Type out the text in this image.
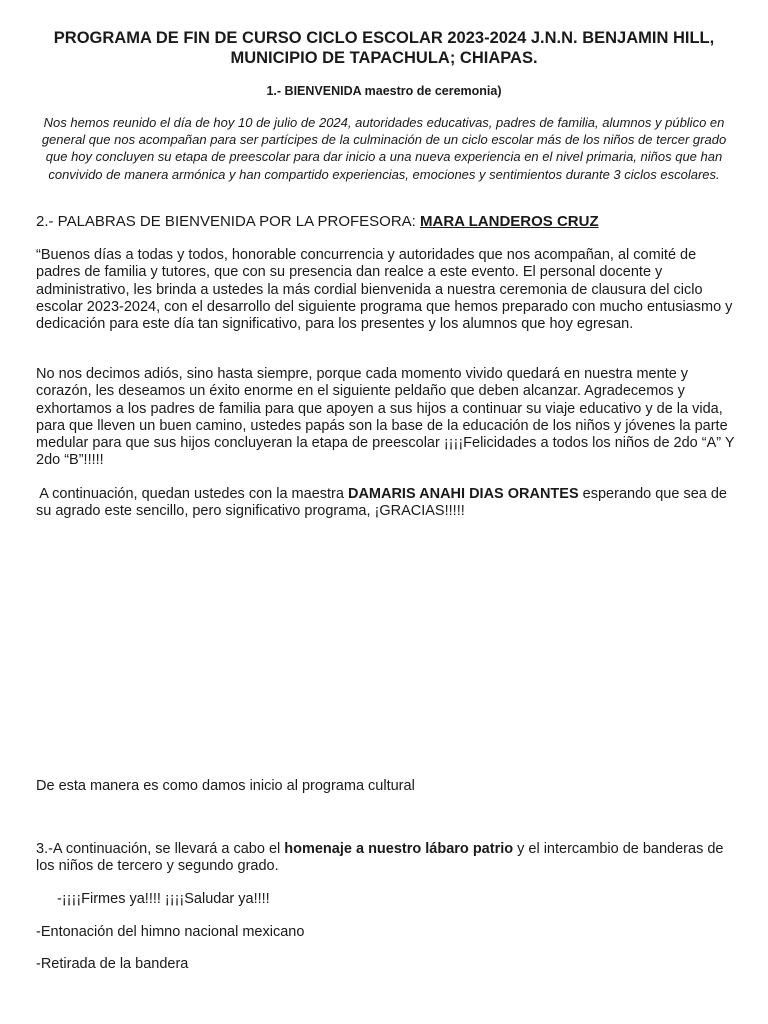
PROGRAMA DE FIN DE CURSO CICLO ESCOLAR 2023-2024 J.N.N. BENJAMIN HILL, MUNICIPIO DE TAPACHULA; CHIAPAS.
1.- BIENVENIDA maestro de ceremonia)
Nos hemos reunido el día de hoy 10 de julio de 2024, autoridades educativas, padres de familia, alumnos y público en general que nos acompañan para ser partícipes de la culminación de un ciclo escolar más de los niños de tercer grado que hoy concluyen su etapa de preescolar para dar inicio a una nueva experiencia en el nivel primaria, niños que han convivido de manera armónica y han compartido experiencias, emociones y sentimientos durante 3 ciclos escolares.
2.- PALABRAS DE BIENVENIDA POR LA PROFESORA: MARA LANDEROS CRUZ
“Buenos días a todas y todos, honorable concurrencia y autoridades que nos acompañan, al comité de padres de familia y tutores, que con su presencia dan realce a este evento. El personal docente y administrativo, les brinda a ustedes la más cordial bienvenida a nuestra ceremonia de clausura del ciclo escolar 2023-2024, con el desarrollo del siguiente programa que hemos preparado con mucho entusiasmo y dedicación para este día tan significativo, para los presentes y los alumnos que hoy egresan.
No nos decimos adiós, sino hasta siempre, porque cada momento vivido quedará en nuestra mente y corazón, les deseamos un éxito enorme en el siguiente peldaño que deben alcanzar. Agradecemos y exhortamos a los padres de familia para que apoyen a sus hijos a continuar su viaje educativo y de la vida, para que lleven un buen camino, ustedes papás son la base de la educación de los niños y jóvenes la parte medular para que sus hijos concluyeran la etapa de preescolar ¡¡¡¡Felicidades a todos los niños de 2do “A” Y 2do “B”!!!!!
A continuación, quedan ustedes con la maestra DAMARIS ANAHI DIAS ORANTES esperando que sea de su agrado este sencillo, pero significativo programa, ¡GRACIAS!!!!!
De esta manera es como damos inicio al programa cultural
3.-A continuación, se llevará a cabo el homenaje a nuestro lábaro patrio y el intercambio de banderas de los niños de tercero y segundo grado.
-¡¡¡¡Firmes ya!!!! ¡¡¡¡Saludar ya!!!!
-Entonación del himno nacional mexicano
-Retirada de la bandera
